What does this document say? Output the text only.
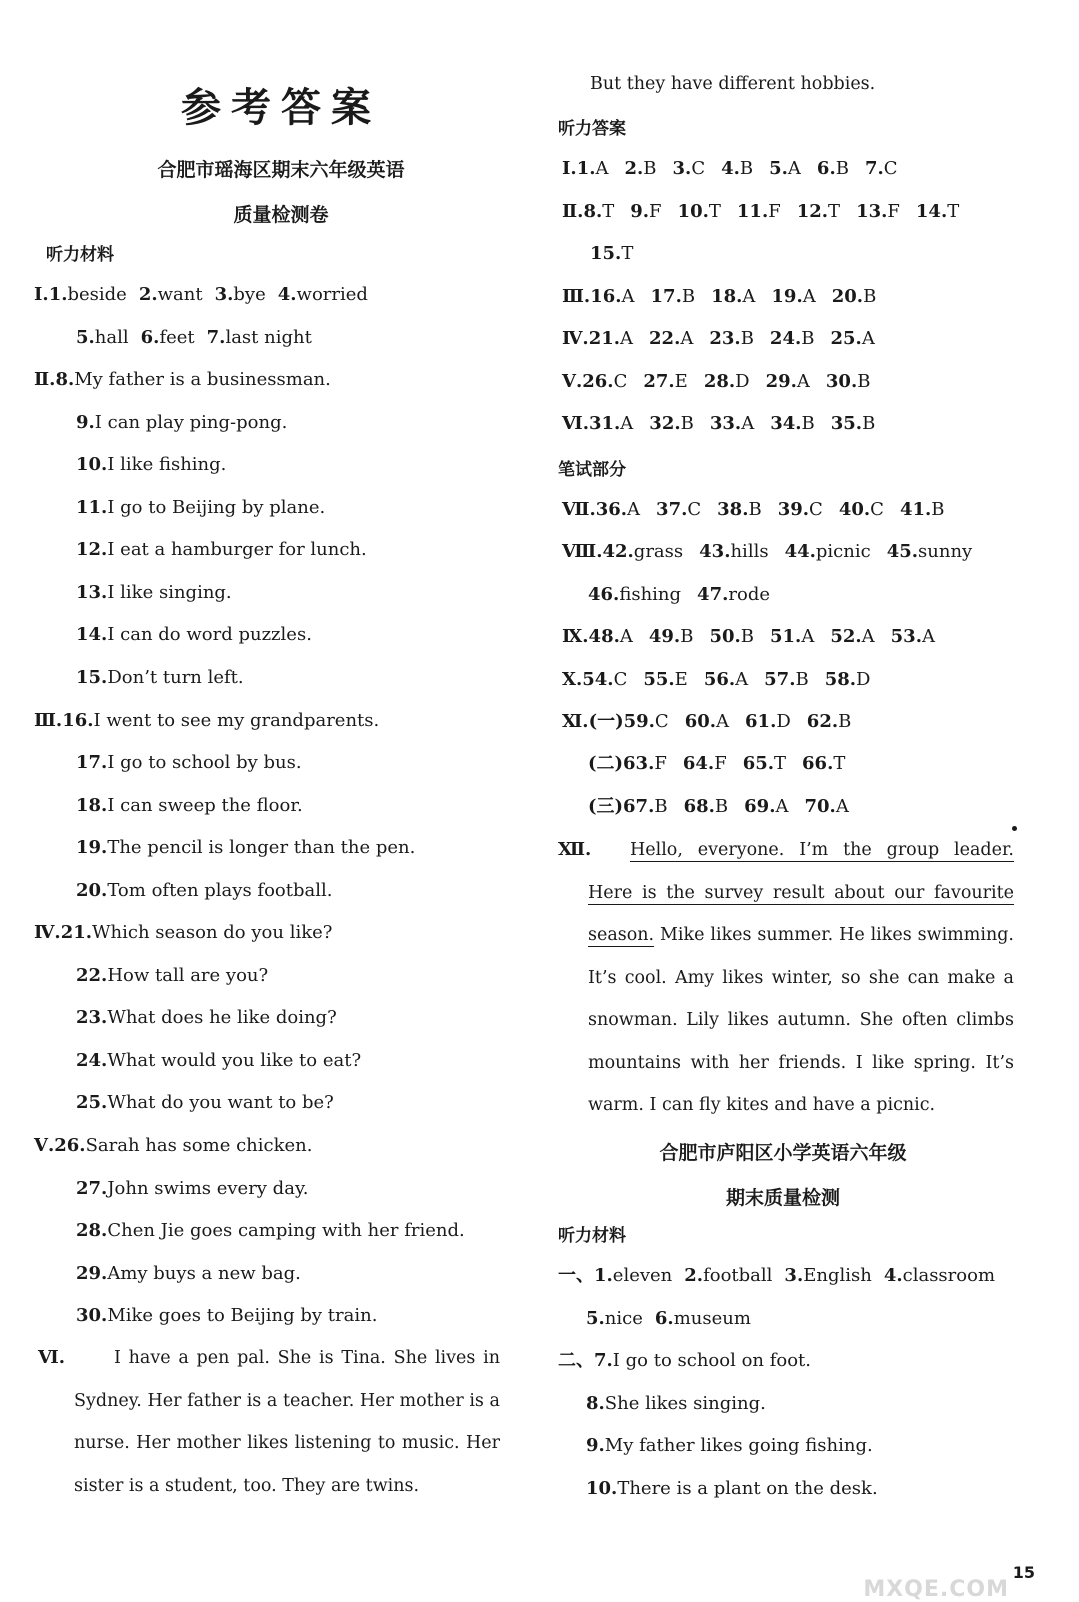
参考答案
合肥市瑶海区期末六年级英语
质量检测卷
听力材料
Ⅰ.1.beside 2.want 3.bye 4.worried
5.hall 6.feet 7.last night
Ⅱ.8.My father is a businessman.
9.I can play ping-pong.
10.I like fishing.
11.I go to Beijing by plane.
12.I eat a hamburger for lunch.
13.I like singing.
14.I can do word puzzles.
15.Don’t turn left.
Ⅲ.16.I went to see my grandparents.
17.I go to school by bus.
18.I can sweep the floor.
19.The pencil is longer than the pen.
20.Tom often plays football.
Ⅳ.21.Which season do you like?
22.How tall are you?
23.What does he like doing?
24.What would you like to eat?
25.What do you want to be?
Ⅴ.26.Sarah has some chicken.
27.John swims every day.
28.Chen Jie goes camping with her friend.
29.Amy buys a new bag.
30.Mike goes to Beijing by train.
Ⅵ.	I have a pen pal. She is Tina. She lives in Sydney. Her father is a teacher. Her mother is a nurse. Her mother likes listening to music. Her sister is a student, too. They are twins.
But they have different hobbies.
听力答案
Ⅰ.1.A 2.B 3.C 4.B 5.A 6.B 7.C
Ⅱ.8.T 9.F 10.T 11.F 12.T 13.F 14.T
15.T
Ⅲ.16.A 17.B 18.A 19.A 20.B
Ⅳ.21.A 22.A 23.B 24.B 25.A
Ⅴ.26.C 27.E 28.D 29.A 30.B
Ⅵ.31.A 32.B 33.A 34.B 35.B
笔试部分
Ⅶ.36.A 37.C 38.B 39.C 40.C 41.B
Ⅷ.42.grass 43.hills 44.picnic 45.sunny
46.fishing 47.rode
Ⅸ.48.A 49.B 50.B 51.A 52.A 53.A
Ⅹ.54.C 55.E 56.A 57.B 58.D
Ⅺ.(一)59.C 60.A 61.D 62.B
(二)63.F 64.F 65.T 66.T
(三)67.B 68.B 69.A 70.A
Ⅻ.	Hello, everyone. I’m the group leader. Here is the survey result about our favourite season. Mike likes summer. He likes swimming. It’s cool. Amy likes winter, so she can make a snowman. Lily likes autumn. She often climbs mountains with her friends. I like spring. It’s warm. I can fly kites and have a picnic.
合肥市庐阳区小学英语六年级
期末质量检测
听力材料
一、1.eleven 2.football 3.English 4.classroom
5.nice 6.museum
二、7.I go to school on foot.
8.She likes singing.
9.My father likes going fishing.
10.There is a plant on the desk.
15
MXQE.COM
